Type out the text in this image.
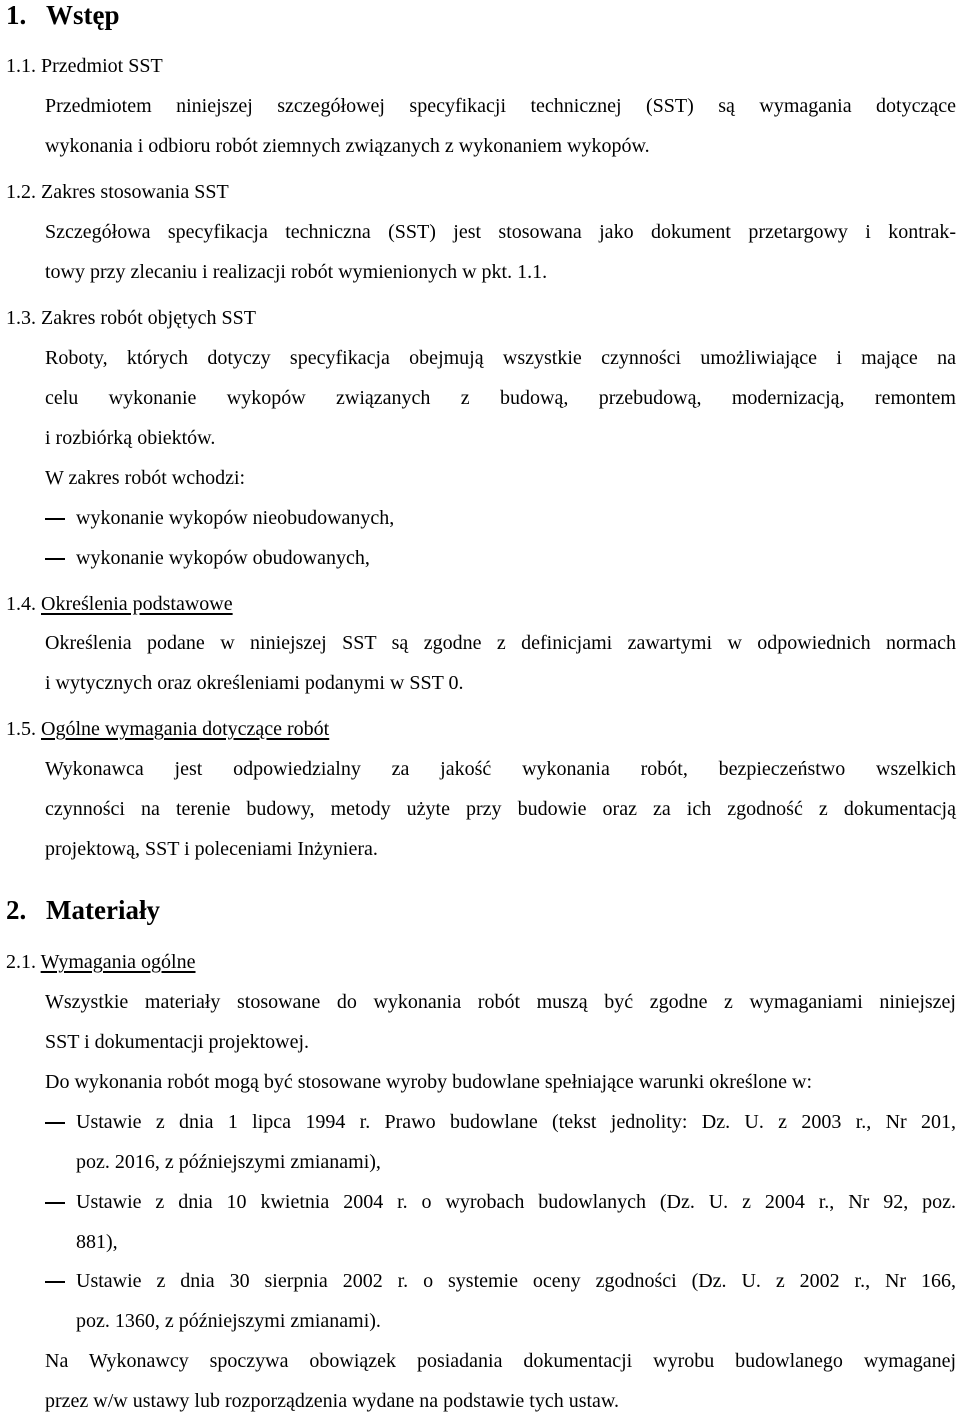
1. Wstęp
1.1. Przedmiot SST
Przedmiotem niniejszej szczegółowej specyfikacji technicznej (SST) są wymagania dotyczące
wykonania i odbioru robót ziemnych związanych z wykonaniem wykopów.
1.2. Zakres stosowania SST
Szczegółowa specyfikacja techniczna (SST) jest stosowana jako dokument przetargowy i kontrak-
towy przy zlecaniu i realizacji robót wymienionych w pkt. 1.1.
1.3. Zakres robót objętych SST
Roboty, których dotyczy specyfikacja obejmują wszystkie czynności umożliwiające i mające na
celu wykonanie wykopów związanych z budową, przebudową, modernizacją, remontem
i rozbiórką obiektów.
W zakres robót wchodzi:
wykonanie wykopów nieobudowanych,
wykonanie wykopów obudowanych,
1.4. Określenia podstawowe
Określenia podane w niniejszej SST są zgodne z definicjami zawartymi w odpowiednich normach
i wytycznych oraz określeniami podanymi w SST 0.
1.5. Ogólne wymagania dotyczące robót
Wykonawca jest odpowiedzialny za jakość wykonania robót, bezpieczeństwo wszelkich
czynności na terenie budowy, metody użyte przy budowie oraz za ich zgodność z dokumentacją
projektową, SST i poleceniami Inżyniera.
2. Materiały
2.1. Wymagania ogólne
Wszystkie materiały stosowane do wykonania robót muszą być zgodne z wymaganiami niniejszej
SST i dokumentacji projektowej.
Do wykonania robót mogą być stosowane wyroby budowlane spełniające warunki określone w:
Ustawie z dnia 1 lipca 1994 r. Prawo budowlane (tekst jednolity: Dz. U. z 2003 r., Nr 201,
poz. 2016, z późniejszymi zmianami),
Ustawie z dnia 10 kwietnia 2004 r. o wyrobach budowlanych (Dz. U. z 2004 r., Nr 92, poz.
881),
Ustawie z dnia 30 sierpnia 2002 r. o systemie oceny zgodności (Dz. U. z 2002 r., Nr 166,
poz. 1360, z późniejszymi zmianami).
Na Wykonawcy spoczywa obowiązek posiadania dokumentacji wyrobu budowlanego wymaganej
przez w/w ustawy lub rozporządzenia wydane na podstawie tych ustaw.
